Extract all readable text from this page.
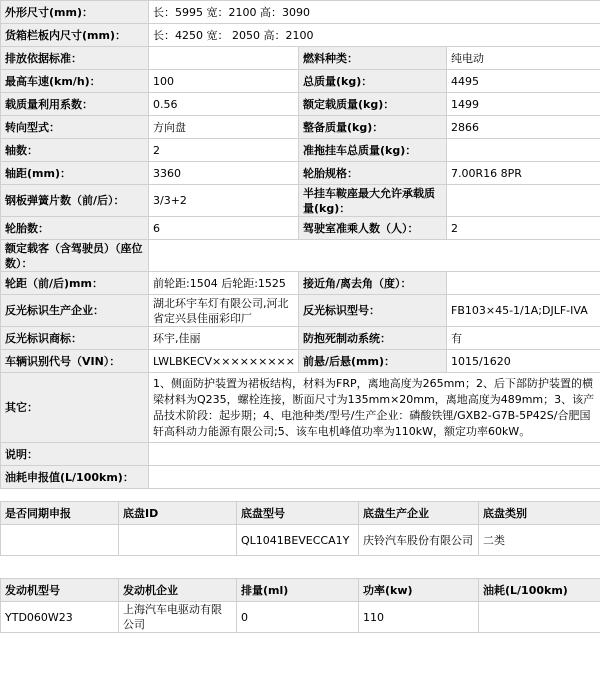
外形尺寸(mm)：	长：5995 宽：2100 高：3090		
货箱栏板内尺寸(mm)：	长：4250 宽： 2050 高：2100		
排放依据标准：		燃料种类：	纯电动
最高车速(km/h)：	100	总质量(kg)：	4495
载质量利用系数：	0.56	额定载质量(kg)：	1499
转向型式：	方向盘	整备质量(kg)：	2866
轴数：	2	准拖挂车总质量(kg)：	
轴距(mm)：	3360	轮胎规格：	7.00R16 8PR
钢板弹簧片数（前/后）：	3/3+2	半挂车鞍座最大允许承载质量(kg)：	
轮胎数：	6	驾驶室准乘人数（人）：	2
额定载客（含驾驶员）（座位数）：			
轮距（前/后)mm：	前轮距:1504 后轮距:1525	接近角/离去角（度）：	
反光标识生产企业：	湖北环宇车灯有限公司,河北省定兴县佳丽彩印厂	反光标识型号：	FB103×45-1/1A;DJLF-IVA
反光标识商标：	环宇,佳丽	防抱死制动系统：	有
车辆识别代号（VIN）：	LWLBKECV×××××××××	前悬/后悬(mm)：	1015/1620
其它：	1、侧面防护装置为裙板结构，材料为FRP，离地高度为265mm；2、后下部防护装置的横梁材料为Q235，螺栓连接，断面尺寸为135mm×20mm，离地高度为489mm；3、该产品技术阶段：起步期；4、电池种类/型号/生产企业：磷酸铁锂/GXB2-G7B-5P42S/合肥国轩高科动力能源有限公司;5、该车电机峰值功率为110kW，额定功率60kW。		
说明：			
油耗申报值(L/100km)：			
是否同期申报	底盘ID	底盘型号	底盘生产企业	底盘类别
		QL1041BEVECCA1Y	庆铃汽车股份有限公司	二类
发动机型号	发动机企业	排量(ml)	功率(kw)	油耗(L/100km)
YTD060W23	上海汽车电驱动有限公司	0	110	
